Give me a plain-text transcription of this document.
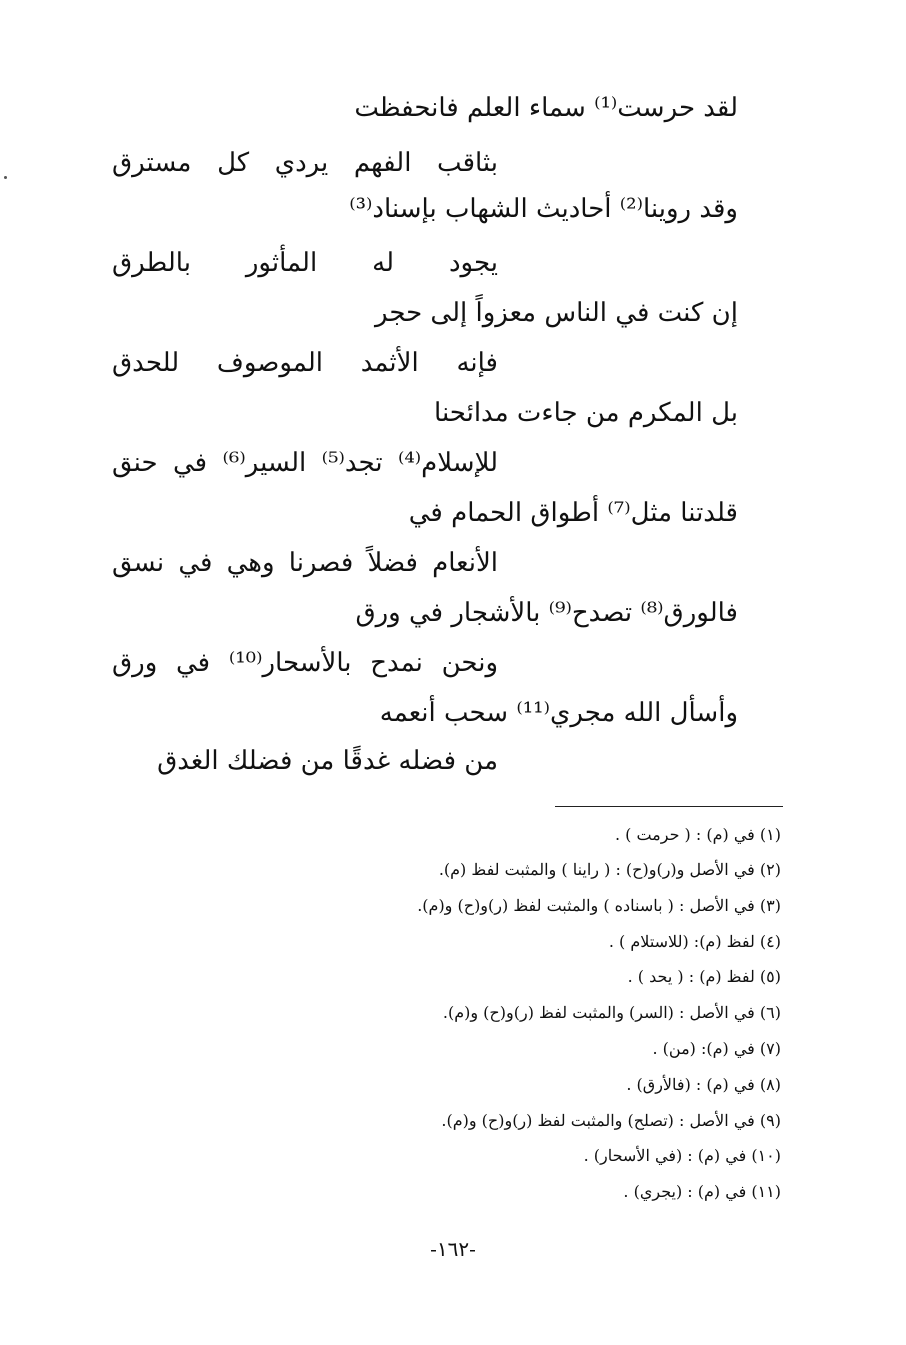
لقد حرست⁽¹⁾ سماء العلم فانحفظت
بثاقب الفهم يردي كل مسترق
وقد روينا⁽²⁾ أحاديث الشهاب بإسناد⁽³⁾
يجود له المأثور بالطرق
إن كنت في الناس معزواً إلى حجر
فإنه الأثمد الموصوف للحدق
بل المكرم من جاءت مدائحنا
للإسلام⁽⁴⁾ تجد⁽⁵⁾ السير⁽⁶⁾ في حنق
قلدتنا مثل⁽⁷⁾ أطواق الحمام في
الأنعام فضلاً فصرنا وهي في نسق
فالورق⁽⁸⁾ تصدح⁽⁹⁾ بالأشجار في ورق
ونحن نمدح بالأسحار⁽¹⁰⁾ في ورق
وأسأل الله مجري⁽¹¹⁾ سحب أنعمه
من فضله غدقًا من فضلك الغدق
(١) في (م) : ( حرمت ) .
(٢) في الأصل و(ر)و(ح) : ( راينا ) والمثبت لفظ (م).
(٣) في الأصل : ( باسناده ) والمثبت لفظ (ر)و(ح) و(م).
(٤) لفظ (م): (للاستلام ) .
(٥) لفظ (م) : ( يحد ) .
(٦) في الأصل : (السر) والمثبت لفظ (ر)و(ح) و(م).
(٧) في (م): (من) .
(٨) في (م) : (فالأرق) .
(٩) في الأصل : (تصلح) والمثبت لفظ (ر)و(ح) و(م).
(١٠) في (م) : (في الأسحار) .
(١١) في (م) : (يجري) .
-١٦٢-
